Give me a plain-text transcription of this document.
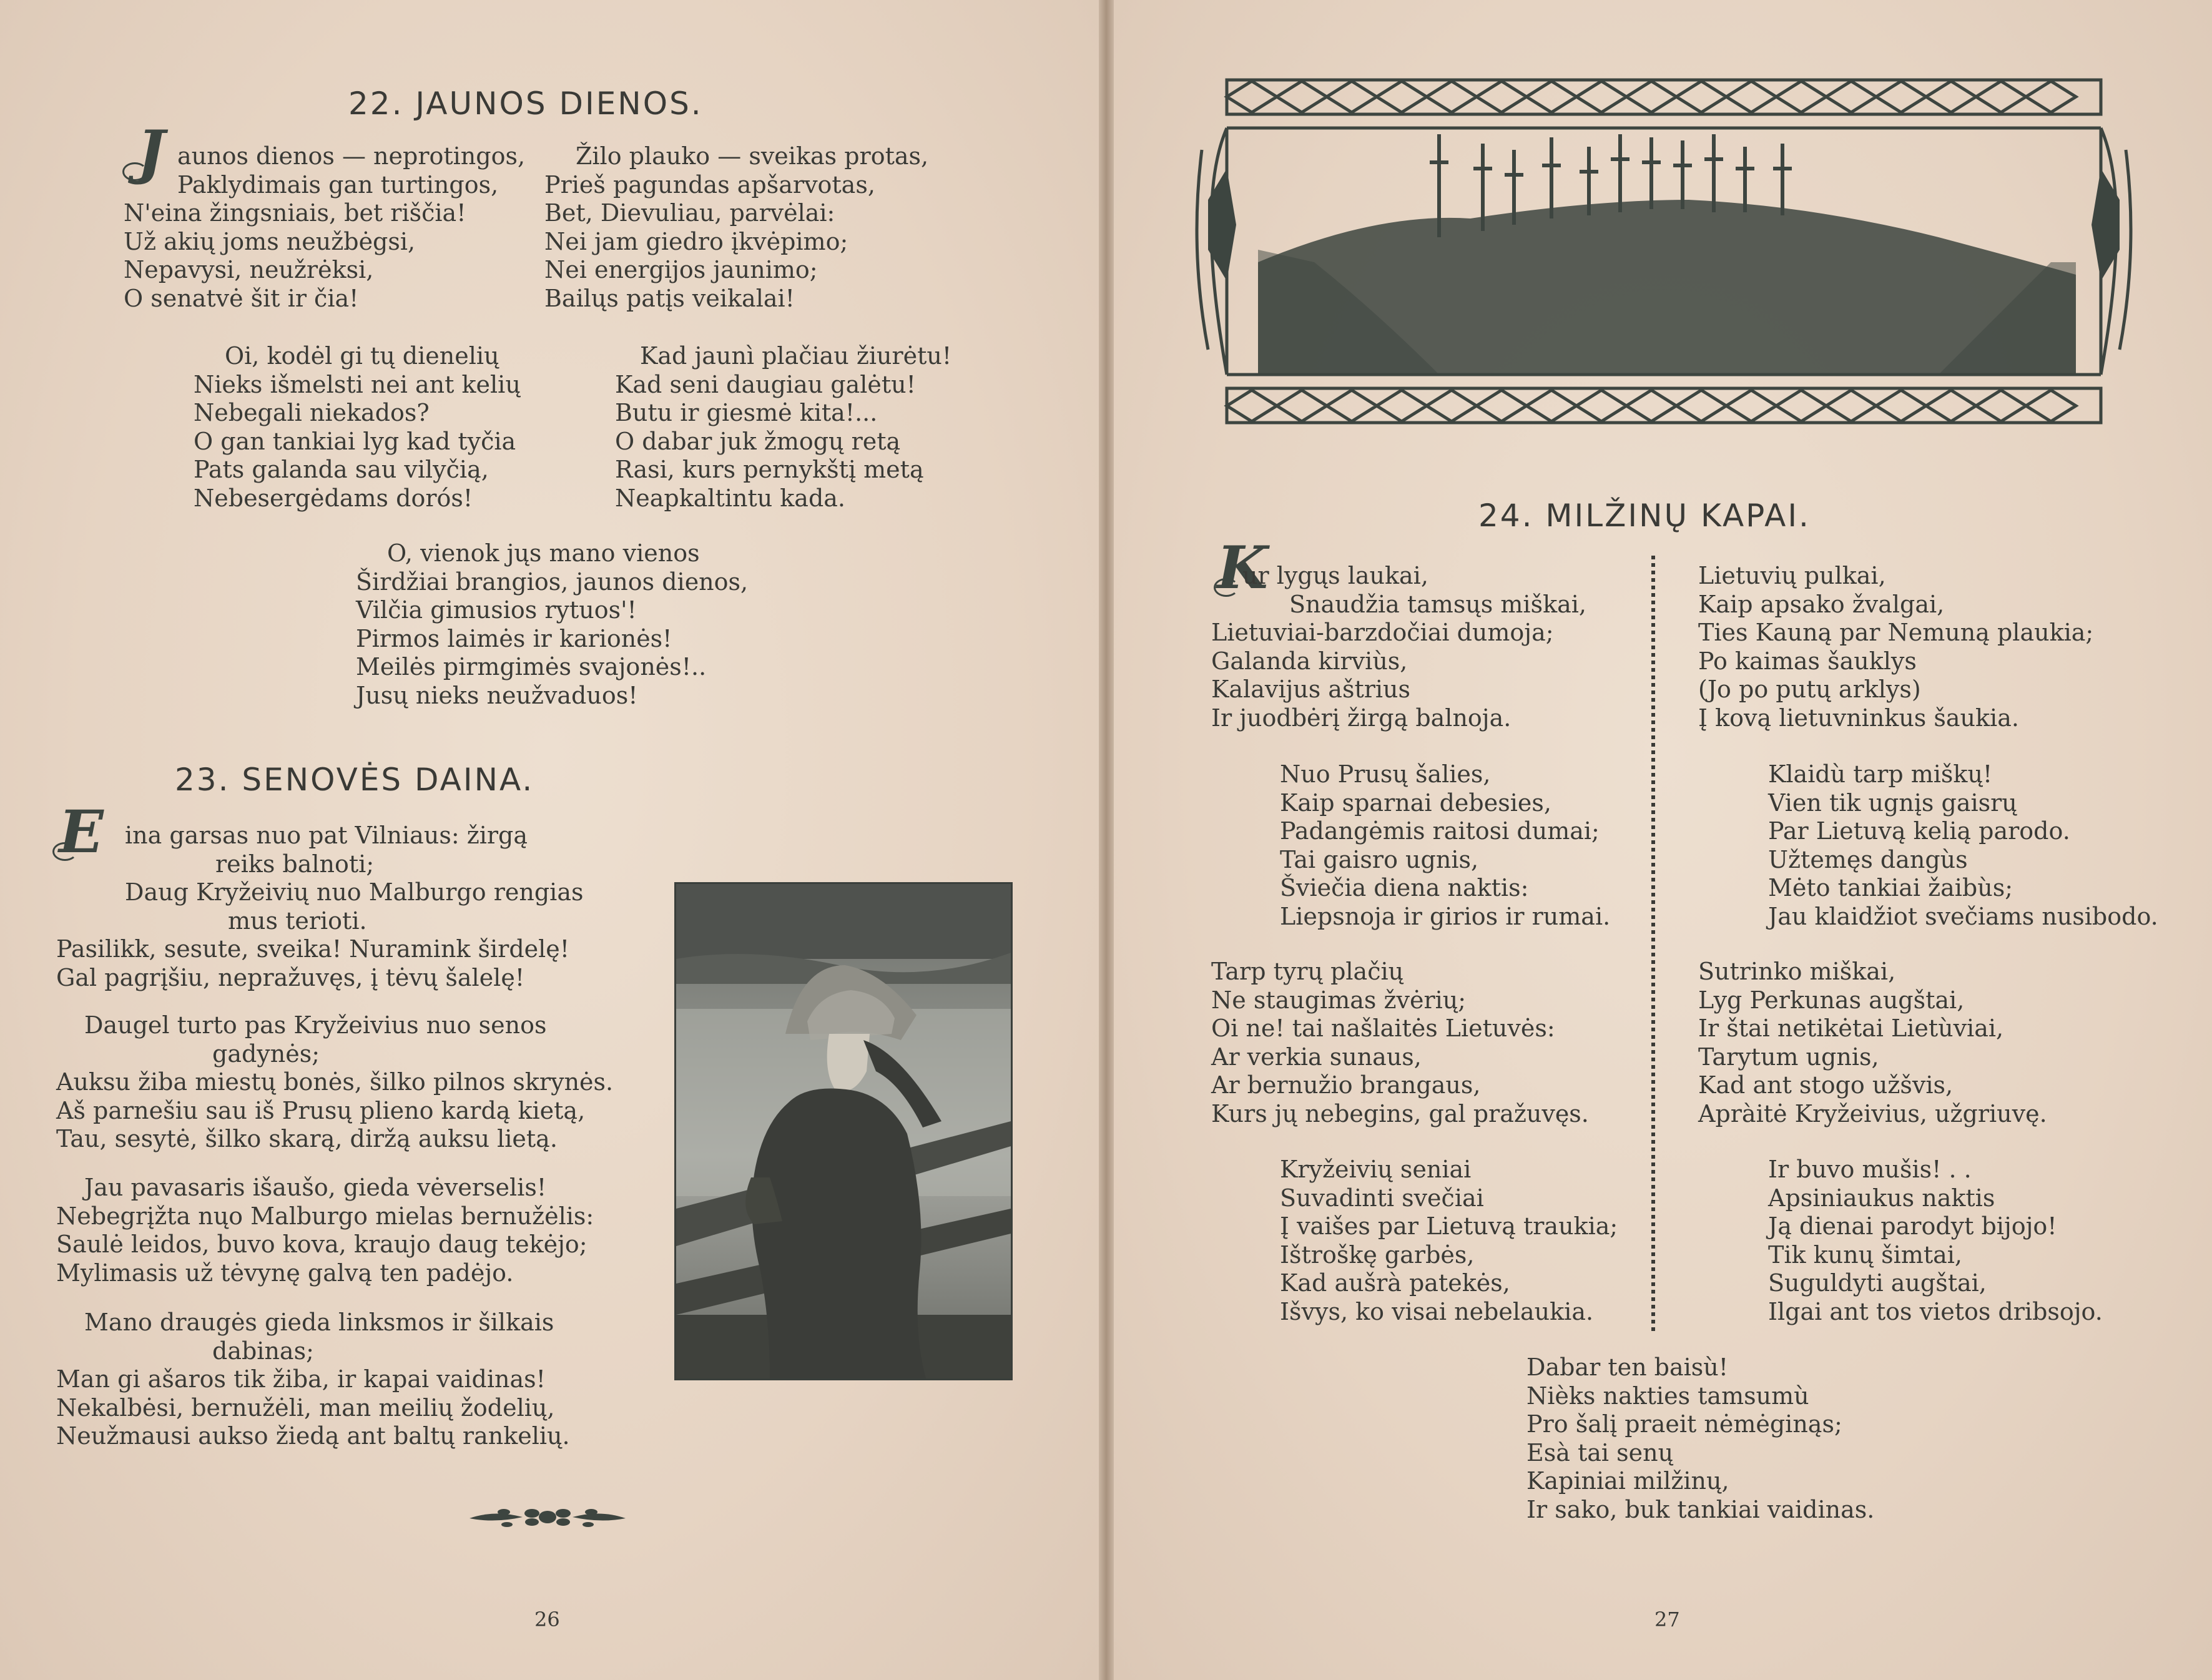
22. JAUNOS DIENOS.
J aunos dienos — neprotingos,
Paklydimais gan turtingos,
N'eina žingsniais, bet riščia!
Už akių joms neužbėgsi,
Nepavysi, neužrėksi,
O senatvė šit ir čia!
Žilo plauko — sveikas protas,
Prieš pagundas apšarvotas,
Bet, Dievuliau, parvėlai:
Nei jam giedro įkvėpimo;
Nei energijos jaunimo;
Bailųs patįs veikalai!
Oi, kodėl gi tų dienelių
Nieks išmelsti nei ant kelių
Nebegali niekados?
O gan tankiai lyg kad tyčia
Pats galanda sau vilyčią,
Nebesergėdams dorós!
Kad jaunì plačiau žiurėtu!
Kad seni daugiau galėtu!
Butu ir giesmė kita!...
O dabar juk žmogų retą
Rasi, kurs pernykštį metą
Neapkaltintu kada.
O, vienok jųs mano vienos
Širdžiai brangios, jaunos dienos,
Vilčia gimusios rytuos'!
Pirmos laimės ir karionės!
Meilės pirmgimės svajonės!..
Jusų nieks neužvaduos!
23. SENOVĖS DAINA.
E ina garsas nuo pat Vilniaus: žirgą
reiks balnoti;
Daug Kryžeivių nuo Malburgo rengias
mus terioti.
Pasilikk, sesute, sveika! Nuramink širdelę!
Gal pagrįšiu, nepražuvęs, į tėvų šalelę!
Daugel turto pas Kryžeivius nuo senos
gadynės;
Auksu žiba miestų bonės, šilko pilnos skrynės.
Aš parnešiu sau iš Prusų plieno kardą kietą,
Tau, sesytė, šilko skarą, diržą auksu lietą.
Jau pavasaris išaušo, gieda vėverselis!
Nebegrįžta nųo Malburgo mielas bernužėlis:
Saulė leidos, buvo kova, kraujo daug tekėjo;
Mylimasis už tėvynę galvą ten padėjo.
Mano draugės gieda linksmos ir šilkais
dabinas;
Man gi ašaros tik žiba, ir kapai vaidinas!
Nekalbėsi, bernužėli, man meilių žodelių,
Neužmausi aukso žiedą ant baltų rankelių.
26
24. MILŽINŲ KAPAI.
K
ur lygųs laukai,
Snaudžia tamsųs miškai,
Lietuviai-barzdočiai dumoja;
Galanda kirviùs,
Kalavijus aštrius
Ir juodbėrį žirgą balnoja.
Nuo Prusų šalies,
Kaip sparnai debesies,
Padangėmis raitosi dumai;
Tai gaisro ugnis,
Šviečia diena naktis:
Liepsnoja ir girios ir rumai.
Tarp tyrų plačių
Ne staugimas žvėrių;
Oi ne! tai našlaitės Lietuvės:
Ar verkia sunaus,
Ar bernužio brangaus,
Kurs jų nebegins, gal pražuvęs.
Kryžeivių seniai
Suvadinti svečiai
Į vaišes par Lietuvą traukia;
Ištroškę garbės,
Kad aušrà patekės,
Išvys, ko visai nebelaukia.
Lietuvių pulkai,
Kaip apsako žvalgai,
Ties Kauną par Nemuną plaukia;
Po kaimas šauklys
(Jo po putų arklys)
Į kovą lietuvninkus šaukia.
Klaidù tarp miškų!
Vien tik ugnįs gaisrų
Par Lietuvą kelią parodo.
Užtemęs dangùs
Mėto tankiai žaibùs;
Jau klaidžiot svečiams nusibodo.
Sutrinko miškai,
Lyg Perkunas augštai,
Ir štai netikėtai Lietùviai,
Tarytum ugnis,
Kad ant stogo užšvis,
Apràitė Kryžeivius, užgriuvę.
Ir buvo mušis! . .
Apsiniaukus naktis
Ją dienai parodyt bijojo!
Tik kunų šimtai,
Suguldyti augštai,
Ilgai ant tos vietos dribsojo.
Dabar ten baisù!
Nièks nakties tamsumù
Pro šalį praeit nėmėginąs;
Esà tai senų
Kapiniai milžinų,
Ir sako, buk tankiai vaidinas.
27
